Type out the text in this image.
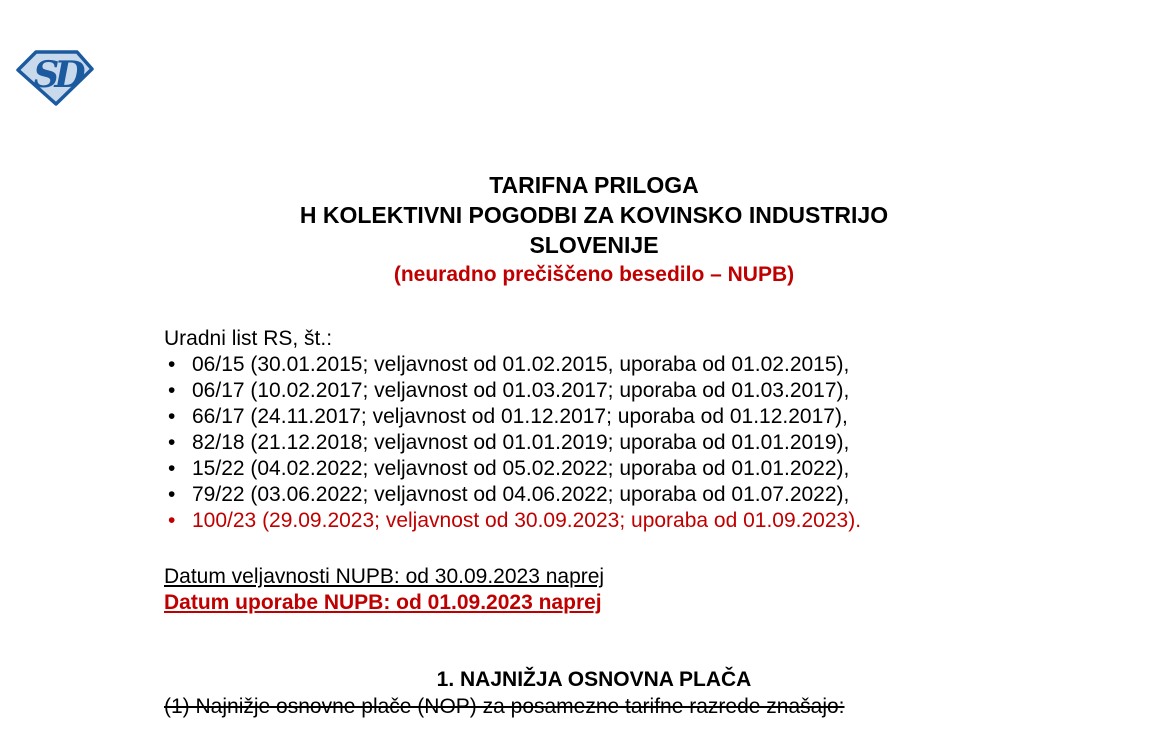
SD
TARIFNA PRILOGA
H KOLEKTIVNI POGODBI ZA KOVINSKO INDUSTRIJO
SLOVENIJE
(neuradno prečiščeno besedilo – NUPB)
Uradni list RS, št.:
• 06/15 (30.01.2015; veljavnost od 01.02.2015, uporaba od 01.02.2015),
• 06/17 (10.02.2017; veljavnost od 01.03.2017; uporaba od 01.03.2017),
• 66/17 (24.11.2017; veljavnost od 01.12.2017; uporaba od 01.12.2017),
• 82/18 (21.12.2018; veljavnost od 01.01.2019; uporaba od 01.01.2019),
• 15/22 (04.02.2022; veljavnost od 05.02.2022; uporaba od 01.01.2022),
• 79/22 (03.06.2022; veljavnost od 04.06.2022; uporaba od 01.07.2022),
• 100/23 (29.09.2023; veljavnost od 30.09.2023; uporaba od 01.09.2023).
Datum veljavnosti NUPB: od 30.09.2023 naprej
Datum uporabe NUPB: od 01.09.2023 naprej
1. NAJNIŽJA OSNOVNA PLAČA
(1) Najnižje osnovne plače (NOP) za posamezne tarifne razrede znašajo:
